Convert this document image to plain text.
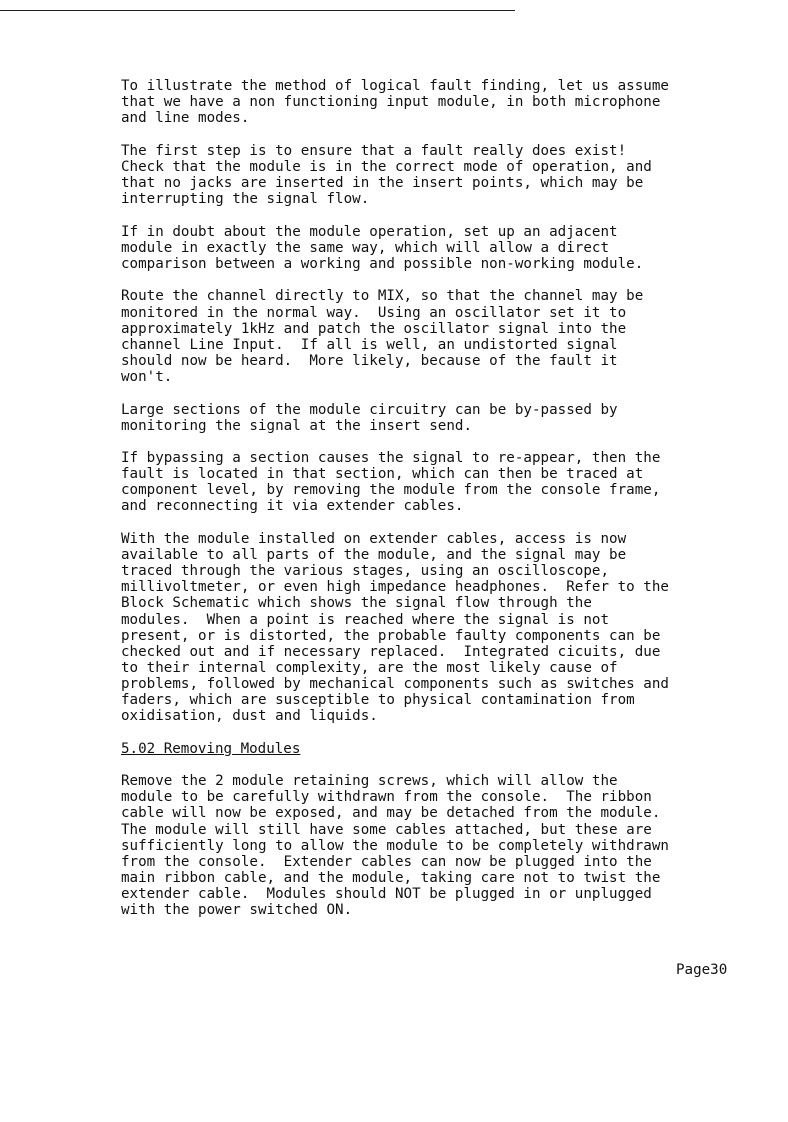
To illustrate the method of logical fault finding, let us assume
that we have a non functioning input module, in both microphone
and line modes.

The first step is to ensure that a fault really does exist!
Check that the module is in the correct mode of operation, and
that no jacks are inserted in the insert points, which may be
interrupting the signal flow.

If in doubt about the module operation, set up an adjacent
module in exactly the same way, which will allow a direct
comparison between a working and possible non-working module.

Route the channel directly to MIX, so that the channel may be
monitored in the normal way.  Using an oscillator set it to
approximately 1kHz and patch the oscillator signal into the
channel Line Input.  If all is well, an undistorted signal
should now be heard.  More likely, because of the fault it
won't.

Large sections of the module circuitry can be by-passed by
monitoring the signal at the insert send.

If bypassing a section causes the signal to re-appear, then the
fault is located in that section, which can then be traced at
component level, by removing the module from the console frame,
and reconnecting it via extender cables.

With the module installed on extender cables, access is now
available to all parts of the module, and the signal may be
traced through the various stages, using an oscilloscope,
millivoltmeter, or even high impedance headphones.  Refer to the
Block Schematic which shows the signal flow through the
modules.  When a point is reached where the signal is not
present, or is distorted, the probable faulty components can be
checked out and if necessary replaced.  Integrated cicuits, due
to their internal complexity, are the most likely cause of
problems, followed by mechanical components such as switches and
faders, which are susceptible to physical contamination from
oxidisation, dust and liquids.

5.02 Removing Modules

Remove the 2 module retaining screws, which will allow the
module to be carefully withdrawn from the console.  The ribbon
cable will now be exposed, and may be detached from the module.
The module will still have some cables attached, but these are
sufficiently long to allow the module to be completely withdrawn
from the console.  Extender cables can now be plugged into the
main ribbon cable, and the module, taking care not to twist the
extender cable.  Modules should NOT be plugged in or unplugged
with the power switched ON.

Page30
